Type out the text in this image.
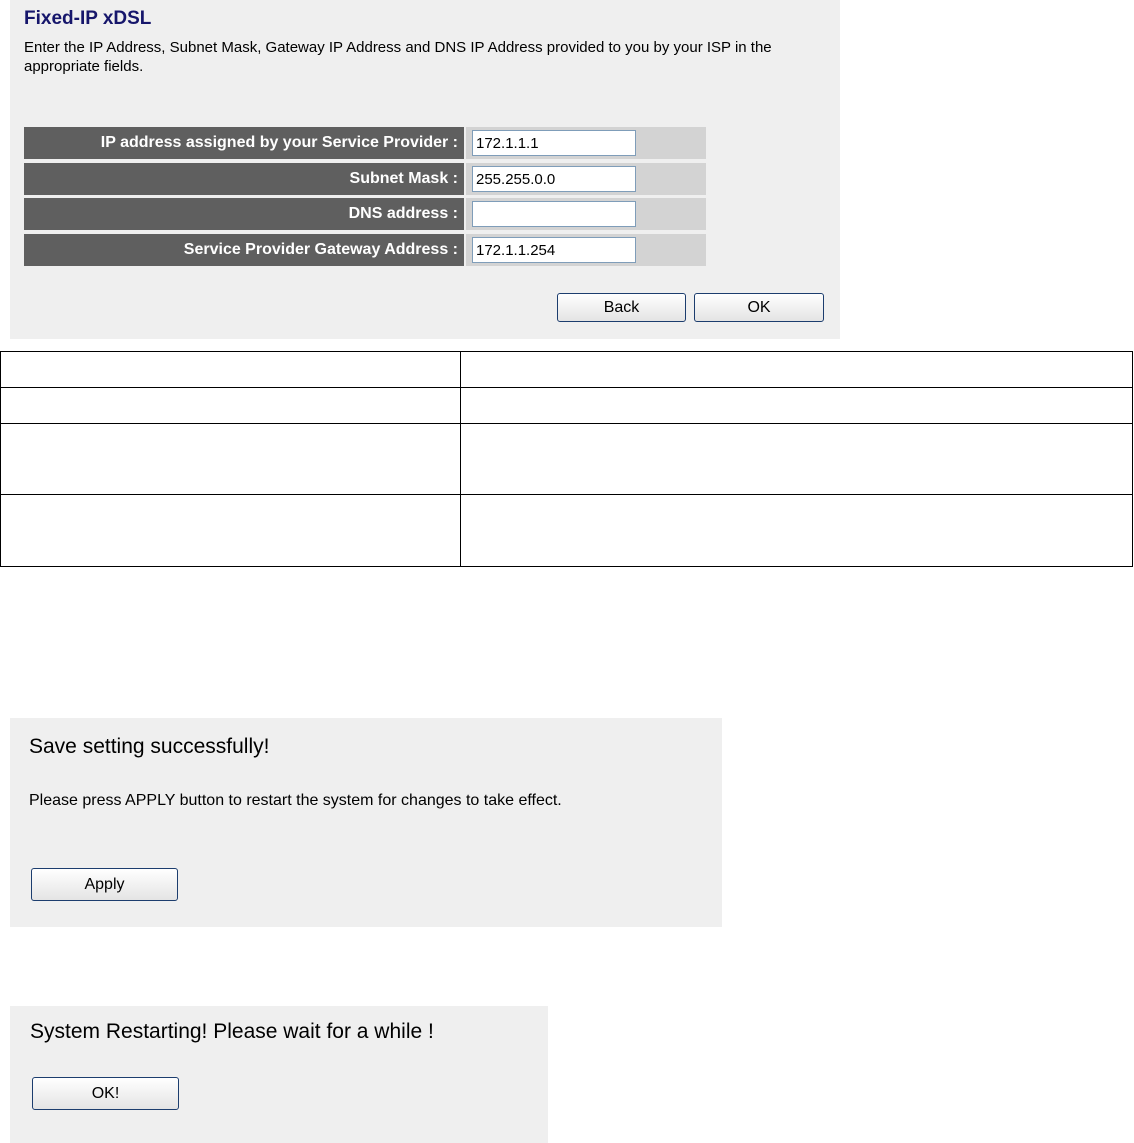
Fixed-IP xDSL
Enter the IP Address, Subnet Mask, Gateway IP Address and DNS IP Address provided to you by your ISP in the appropriate fields.
IP address assigned by your Service Provider :
172.1.1.1
Subnet Mask :
255.255.0.0
DNS address :
Service Provider Gateway Address :
172.1.1.254
Back	OK

Save setting successfully!
Please press APPLY button to restart the system for changes to take effect.
Apply
System Restarting! Please wait for a while !
OK!
